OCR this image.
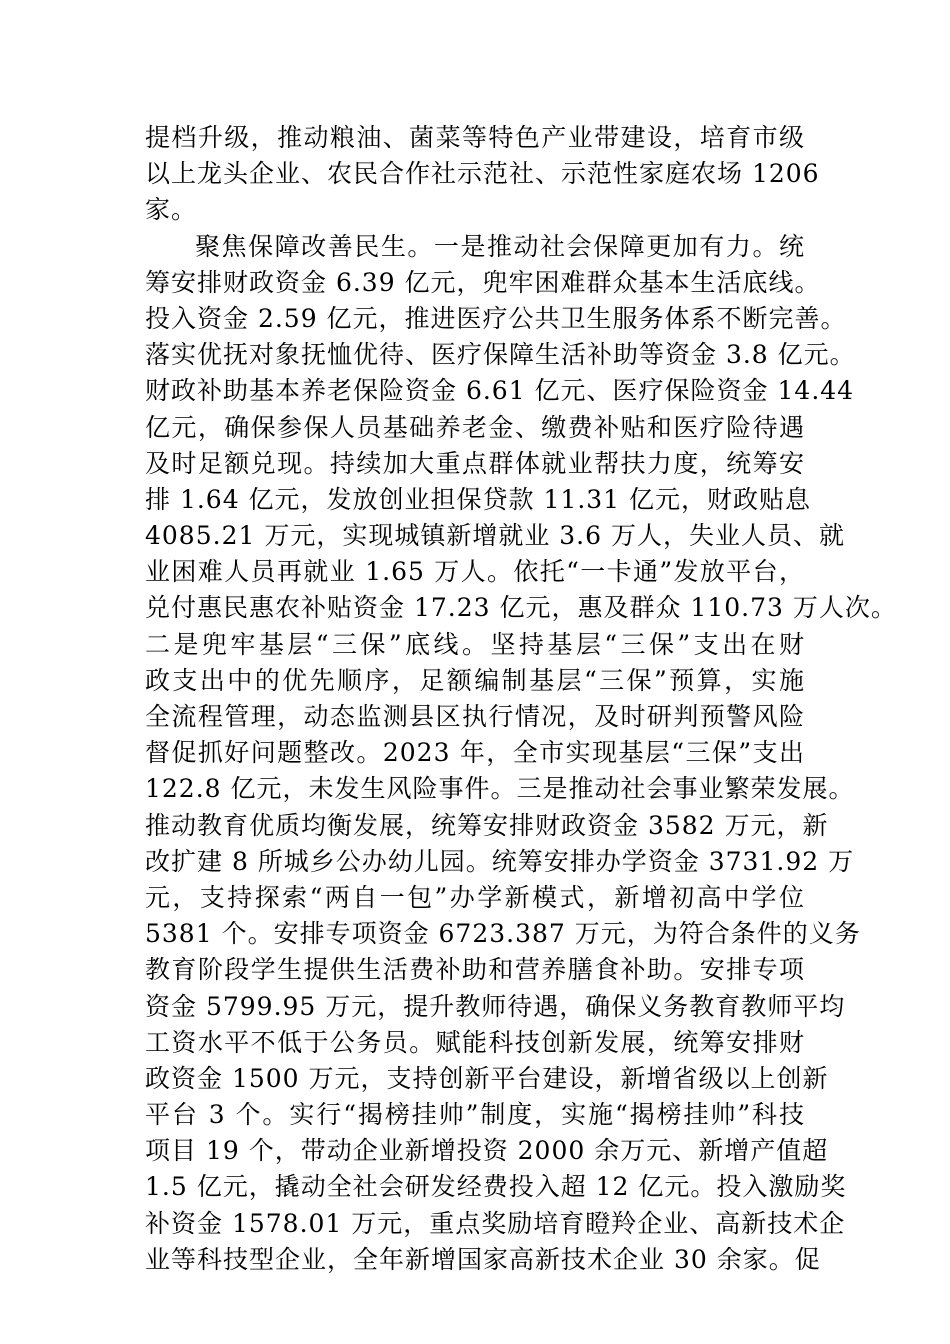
提档升级，推动粮油、菌菜等特色产业带建设，培育市级
以上龙头企业、农民合作社示范社、示范性家庭农场 1206
家。
聚焦保障改善民生。一是推动社会保障更加有力。统
筹安排财政资金 6.39 亿元，兜牢困难群众基本生活底线。
投入资金 2.59 亿元，推进医疗公共卫生服务体系不断完善。
落实优抚对象抚恤优待、医疗保障生活补助等资金 3.8 亿元。
财政补助基本养老保险资金 6.61 亿元、医疗保险资金 14.44
亿元，确保参保人员基础养老金、缴费补贴和医疗险待遇
及时足额兑现。持续加大重点群体就业帮扶力度，统筹安
排 1.64 亿元，发放创业担保贷款 11.31 亿元，财政贴息
4085.21 万元，实现城镇新增就业 3.6 万人，失业人员、就
业困难人员再就业 1.65 万人。依托“一卡通”发放平台，
兑付惠民惠农补贴资金 17.23 亿元，惠及群众 110.73 万人次。
二是兜牢基层“三保”底线。坚持基层“三保”支出在财
政支出中的优先顺序，足额编制基层“三保”预算，实施
全流程管理，动态监测县区执行情况，及时研判预警风险
督促抓好问题整改。2023 年，全市实现基层“三保”支出
122.8 亿元，未发生风险事件。三是推动社会事业繁荣发展。
推动教育优质均衡发展，统筹安排财政资金 3582 万元，新
改扩建 8 所城乡公办幼儿园。统筹安排办学资金 3731.92 万
元，支持探索“两自一包”办学新模式，新增初高中学位
5381 个。安排专项资金 6723.387 万元，为符合条件的义务
教育阶段学生提供生活费补助和营养膳食补助。安排专项
资金 5799.95 万元，提升教师待遇，确保义务教育教师平均
工资水平不低于公务员。赋能科技创新发展，统筹安排财
政资金 1500 万元，支持创新平台建设，新增省级以上创新
平台 3 个。实行“揭榜挂帅”制度，实施“揭榜挂帅”科技
项目 19 个，带动企业新增投资 2000 余万元、新增产值超
1.5 亿元，撬动全社会研发经费投入超 12 亿元。投入激励奖
补资金 1578.01 万元，重点奖励培育瞪羚企业、高新技术企
业等科技型企业，全年新增国家高新技术企业 30 余家。促
